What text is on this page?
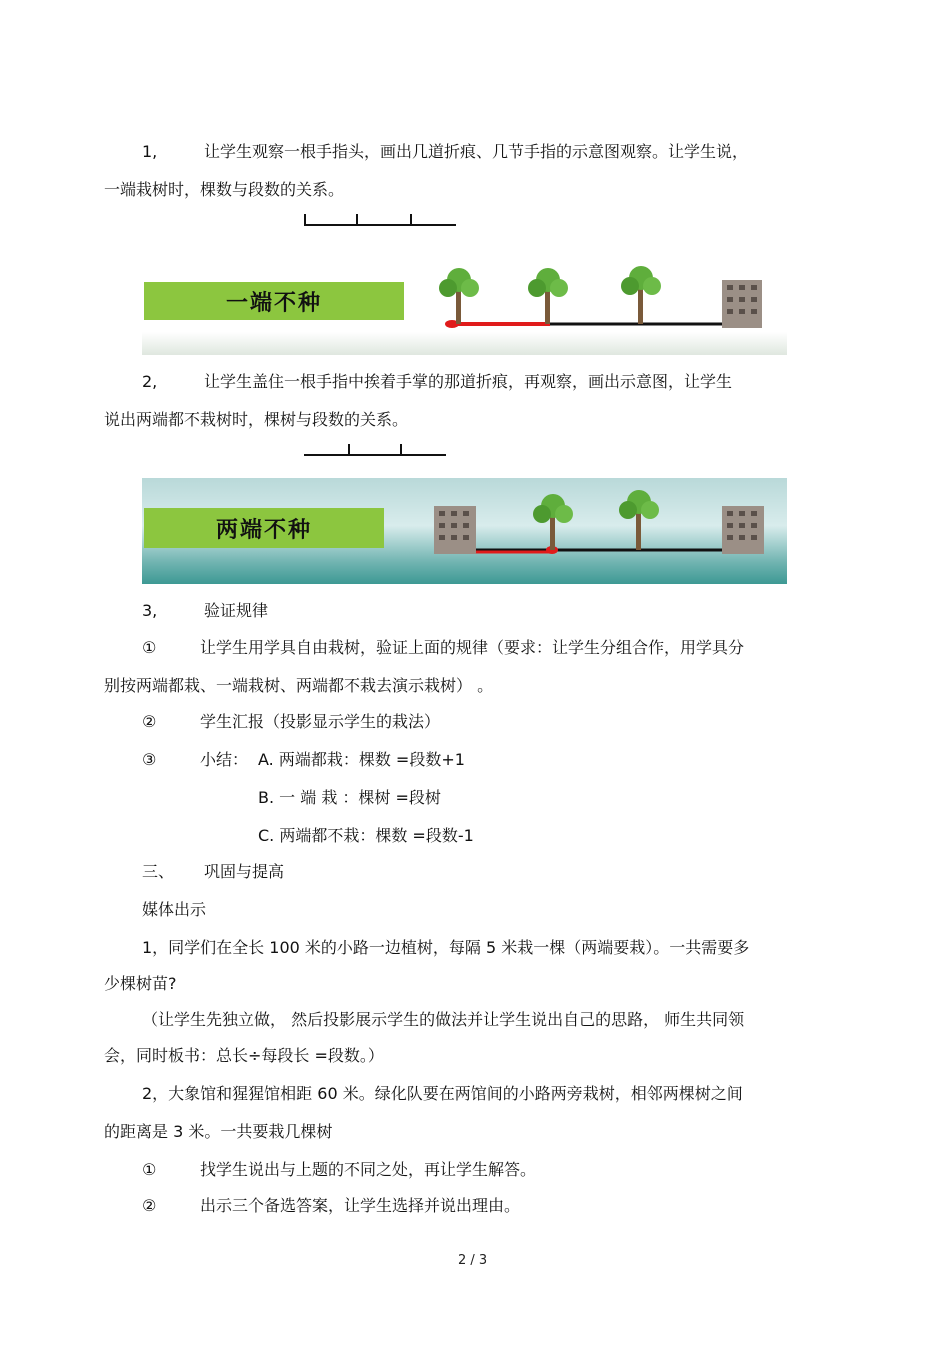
1,	让学生观察一根手指头，画出几道折痕、几节手指的示意图观察。让学生说，
一端栽树时，棵数与段数的关系。
一端不种
2,	让学生盖住一根手指中挨着手掌的那道折痕，再观察，画出示意图，让学生
说出两端都不栽树时，棵树与段数的关系。
两端不种
3,	验证规律
①	让学生用学具自由栽树，验证上面的规律（要求：让学生分组合作，用学具分
别按两端都栽、一端栽树、两端都不栽去演示栽树） 。
②	学生汇报（投影显示学生的栽法）
③	小结： A. 两端都栽：棵数 =段数+1
B. 一 端 栽 ：棵树 =段树
C. 两端都不栽：棵数 =段数-1
三、 巩固与提高
媒体出示
1，同学们在全长 100 米的小路一边植树，每隔 5 米栽一棵（两端要栽）。一共需要多
少棵树苗?
（让学生先独立做， 然后投影展示学生的做法并让学生说出自己的思路， 师生共同领
会，同时板书：总长÷每段长 =段数。）
2，大象馆和猩猩馆相距 60 米。绿化队要在两馆间的小路两旁栽树，相邻两棵树之间
的距离是 3 米。一共要栽几棵树
①	找学生说出与上题的不同之处，再让学生解答。
②	出示三个备选答案，让学生选择并说出理由。
2 / 3
